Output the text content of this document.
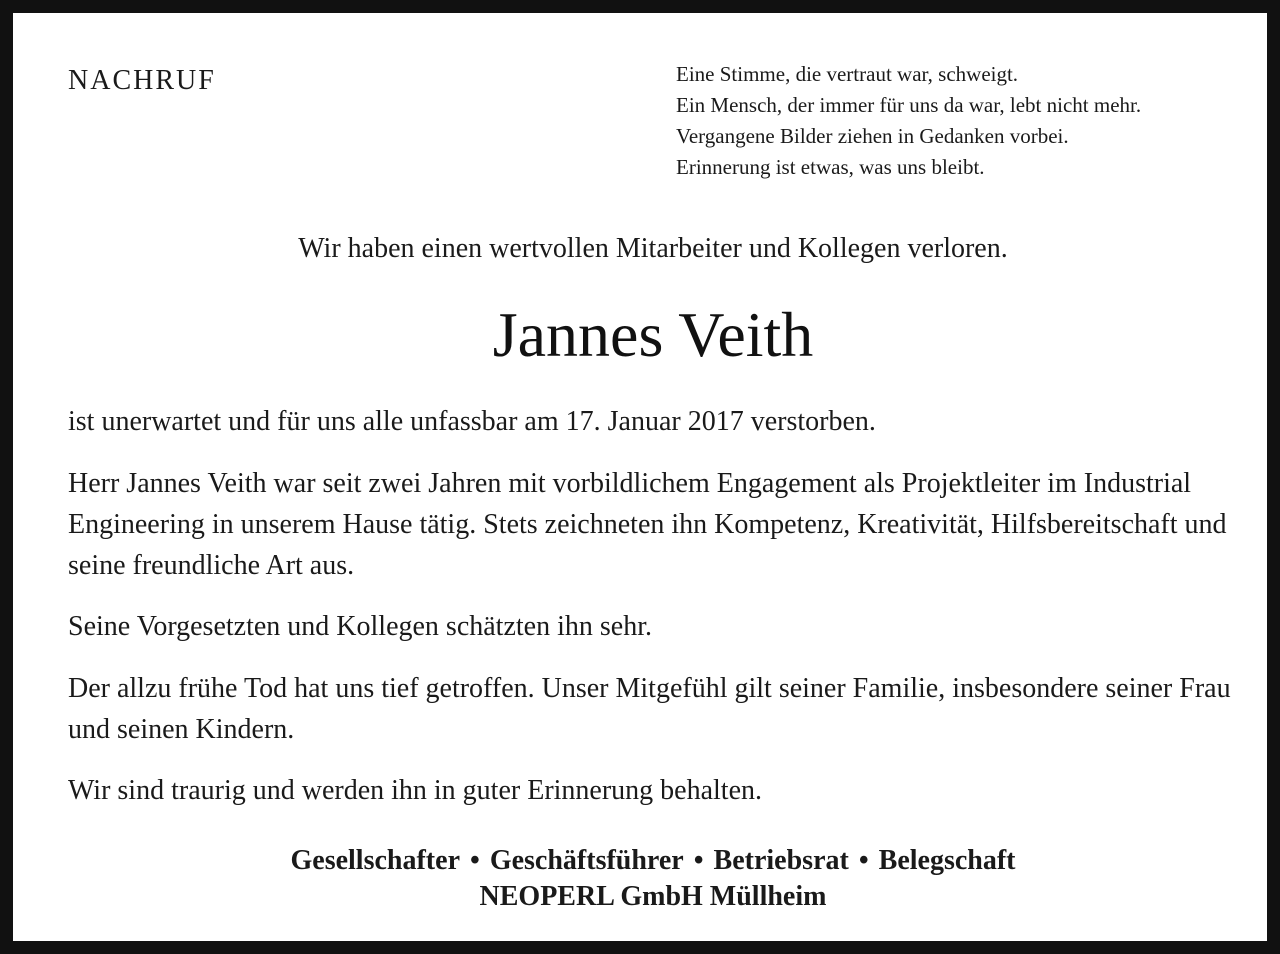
NACHRUF	Eine Stimme, die vertraut war, schweigt.
Ein Mensch, der immer für uns da war, lebt nicht mehr.
Vergangene Bilder ziehen in Gedanken vorbei.
Erinnerung ist etwas, was uns bleibt.

Wir haben einen wertvollen Mitarbeiter und Kollegen verloren.

Jannes Veith

ist unerwartet und für uns alle unfassbar am 17. Januar 2017 verstorben.

Herr Jannes Veith war seit zwei Jahren mit vorbildlichem Engagement als Projektleiter im Industrial Engineering in unserem Hause tätig. Stets zeichneten ihn Kompetenz, Kreativität, Hilfsbereitschaft und seine freundliche Art aus.

Seine Vorgesetzten und Kollegen schätzten ihn sehr.

Der allzu frühe Tod hat uns tief getroffen. Unser Mitgefühl gilt seiner Familie, insbesondere seiner Frau und seinen Kindern.

Wir sind traurig und werden ihn in guter Erinnerung behalten.

Gesellschafter • Geschäftsführer • Betriebsrat • Belegschaft

NEOPERL GmbH Müllheim
